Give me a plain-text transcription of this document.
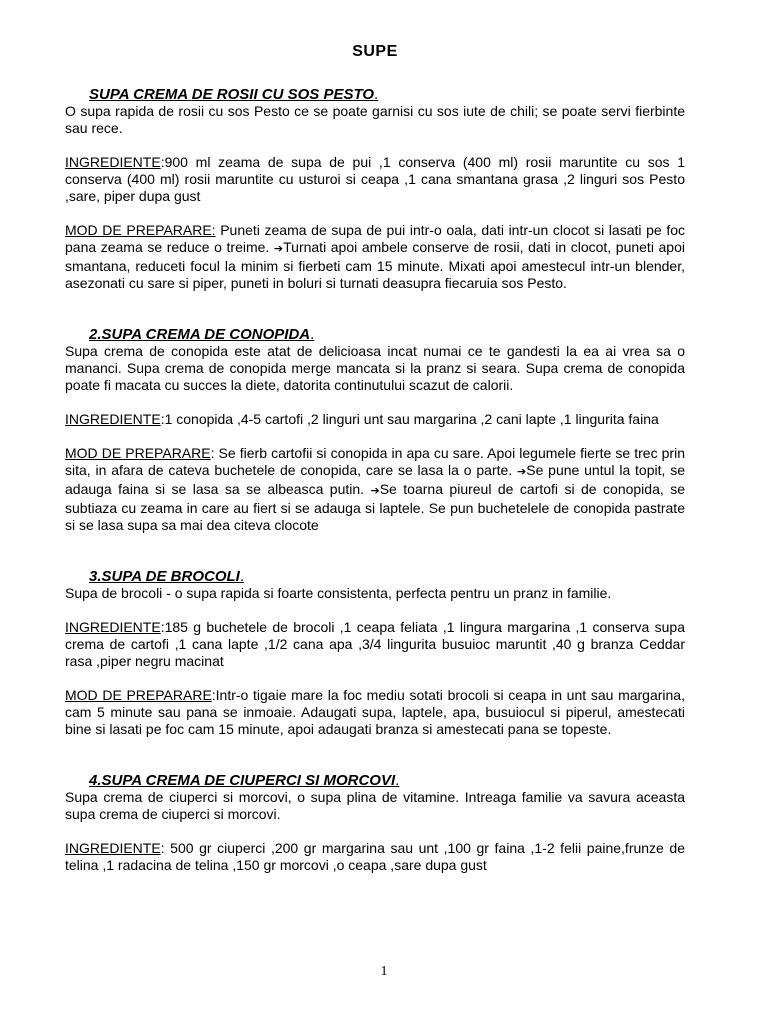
SUPE
SUPA CREMA DE ROSII CU SOS PESTO.

O supa rapida de rosii cu sos Pesto ce se poate garnisi cu sos iute de chili; se poate servi fierbinte sau rece.

INGREDIENTE:900 ml zeama de supa de pui ,1 conserva (400 ml) rosii maruntite cu sos 1 conserva (400 ml) rosii maruntite cu usturoi si ceapa ,1 cana smantana grasa ,2 linguri sos Pesto ,sare, piper dupa gust

MOD DE PREPARARE: Puneti zeama de supa de pui intr-o oala, dati intr-un clocot si lasati pe foc pana zeama se reduce o treime. ➔Turnati apoi ambele conserve de rosii, dati in clocot, puneti apoi smantana, reduceti focul la minim si fierbeti cam 15 minute. Mixati apoi amestecul intr-un blender, asezonati cu sare si piper, puneti in boluri si turnati deasupra fiecaruia sos Pesto.

2.SUPA CREMA DE CONOPIDA.

Supa crema de conopida este atat de delicioasa incat numai ce te gandesti la ea ai vrea sa o mananci. Supa crema de conopida merge mancata si la pranz si seara. Supa crema de conopida poate fi macata cu succes la diete, datorita continutului scazut de calorii.

INGREDIENTE:1 conopida ,4-5 cartofi ,2 linguri unt sau margarina ,2 cani lapte ,1 lingurita faina

MOD DE PREPARARE: Se fierb cartofii si conopida in apa cu sare. Apoi legumele fierte se trec prin sita, in afara de cateva buchetele de conopida, care se lasa la o parte. ➔Se pune untul la topit, se adauga faina si se lasa sa se albeasca putin. ➔Se toarna piureul de cartofi si de conopida, se subtiaza cu zeama in care au fiert si se adauga si laptele. Se pun buchetelele de conopida pastrate si se lasa supa sa mai dea citeva clocote

3.SUPA DE BROCOLI.

Supa de brocoli - o supa rapida si foarte consistenta, perfecta pentru un pranz in familie.

INGREDIENTE:185 g buchetele de brocoli ,1 ceapa feliata ,1 lingura margarina ,1 conserva supa crema de cartofi ,1 cana lapte ,1/2 cana apa ,3/4 lingurita busuioc maruntit ,40 g branza Ceddar rasa ,piper negru macinat

MOD DE PREPARARE:Intr-o tigaie mare la foc mediu sotati brocoli si ceapa in unt sau margarina, cam 5 minute sau pana se inmoaie. Adaugati supa, laptele, apa, busuiocul si piperul, amestecati bine si lasati pe foc cam 15 minute, apoi adaugati branza si amestecati pana se topeste.

4.SUPA CREMA DE CIUPERCI SI MORCOVI.

Supa crema de ciuperci si morcovi, o supa plina de vitamine. Intreaga familie va savura aceasta supa crema de ciuperci si morcovi.

INGREDIENTE: 500 gr ciuperci ,200 gr margarina sau unt ,100 gr faina ,1-2 felii paine,frunze de telina ,1 radacina de telina ,150 gr morcovi ,o ceapa ,sare dupa gust

1
